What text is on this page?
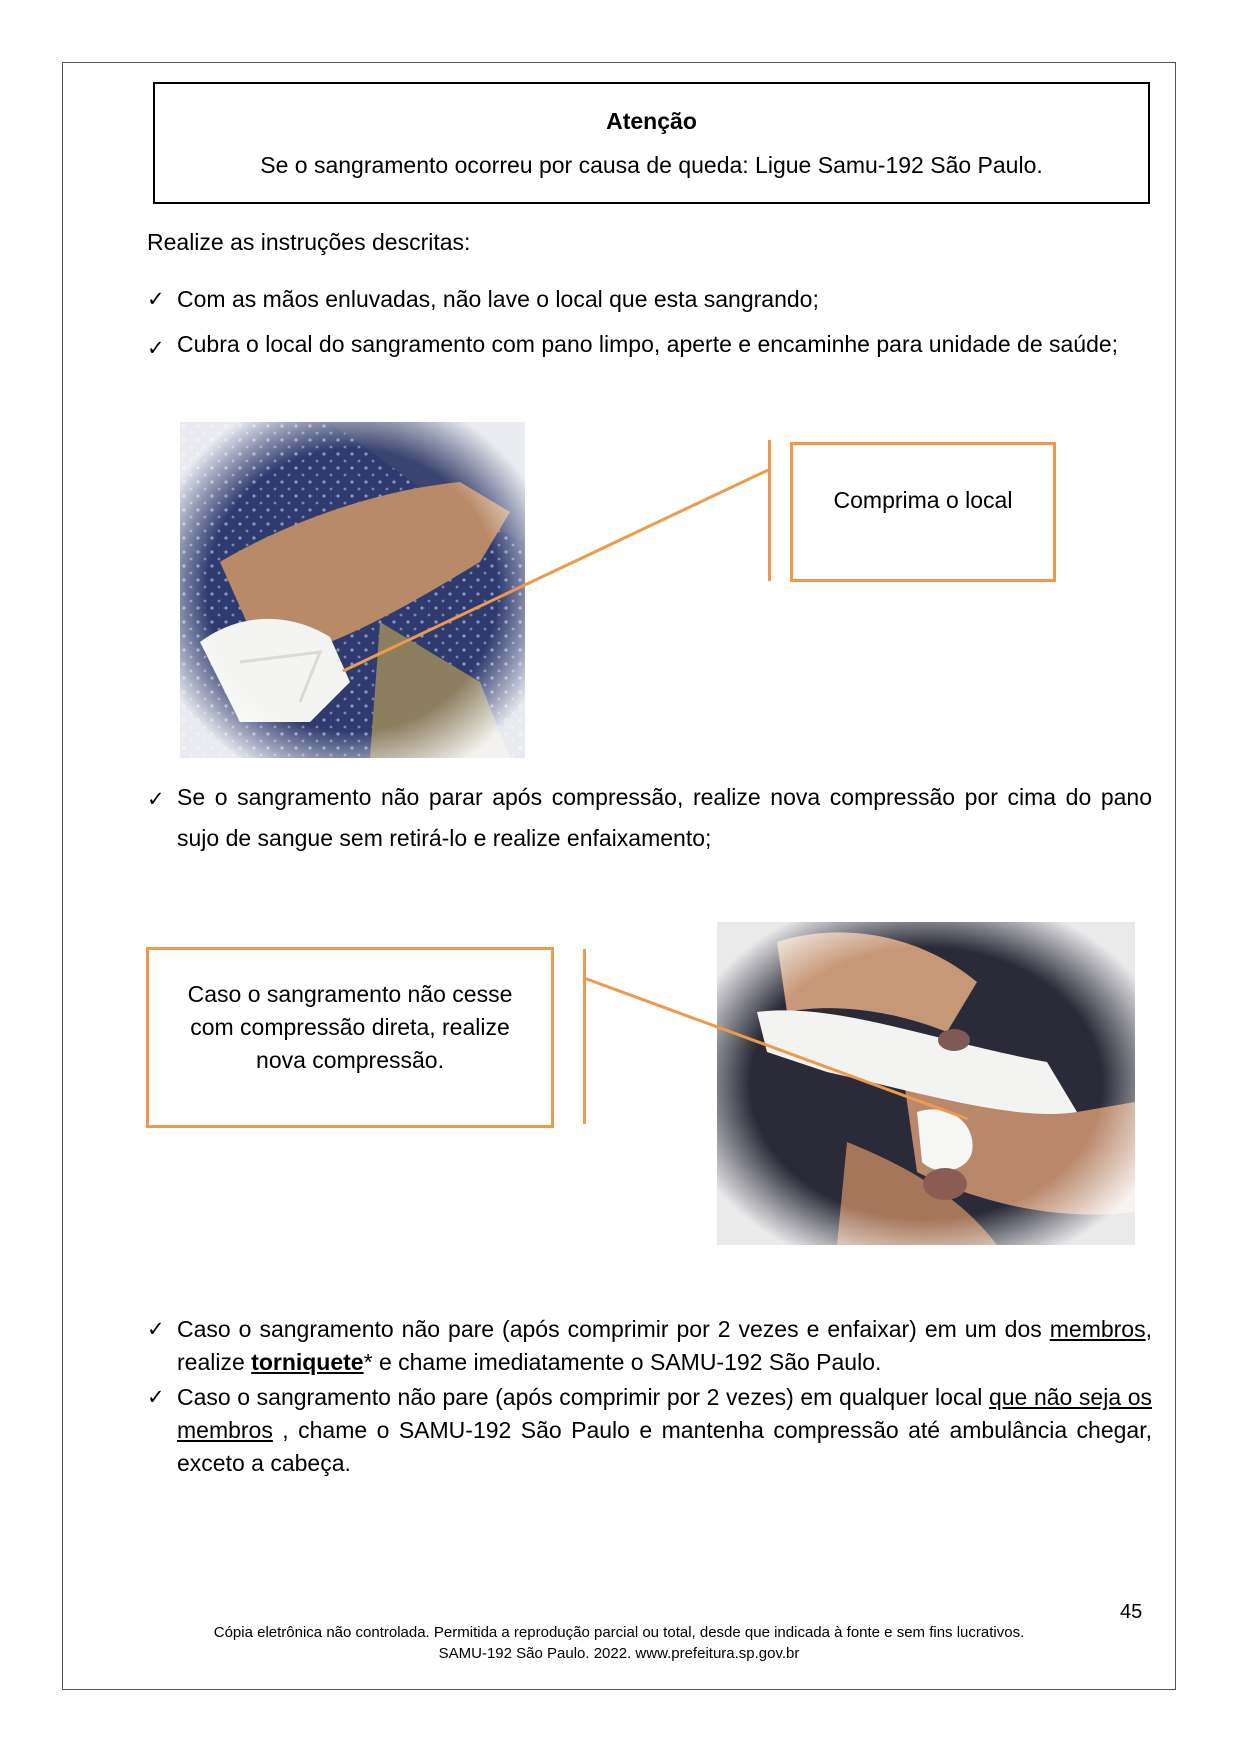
Atenção
Se o sangramento ocorreu por causa de queda: Ligue Samu-192 São Paulo.
Realize as instruções descritas:
✓ Com as mãos enluvadas, não lave o local que esta sangrando;
✓ Cubra o local do sangramento com pano limpo, aperte e encaminhe para unidade de saúde;
Comprima o local
✓ Se o sangramento não parar após compressão, realize nova compressão por cima do pano sujo de sangue sem retirá-lo e realize enfaixamento;
Caso o sangramento não cesse com compressão direta, realize nova compressão.
✓ Caso o sangramento não pare (após comprimir por 2 vezes e enfaixar) em um dos membros, realize torniquete* e chame imediatamente o SAMU-192 São Paulo.
✓ Caso o sangramento não pare (após comprimir por 2 vezes) em qualquer local que não seja os membros , chame o SAMU-192 São Paulo e mantenha compressão até ambulância chegar, exceto a cabeça.
45
Cópia eletrônica não controlada. Permitida a reprodução parcial ou total, desde que indicada à fonte e sem fins lucrativos.
SAMU-192 São Paulo. 2022. www.prefeitura.sp.gov.br
